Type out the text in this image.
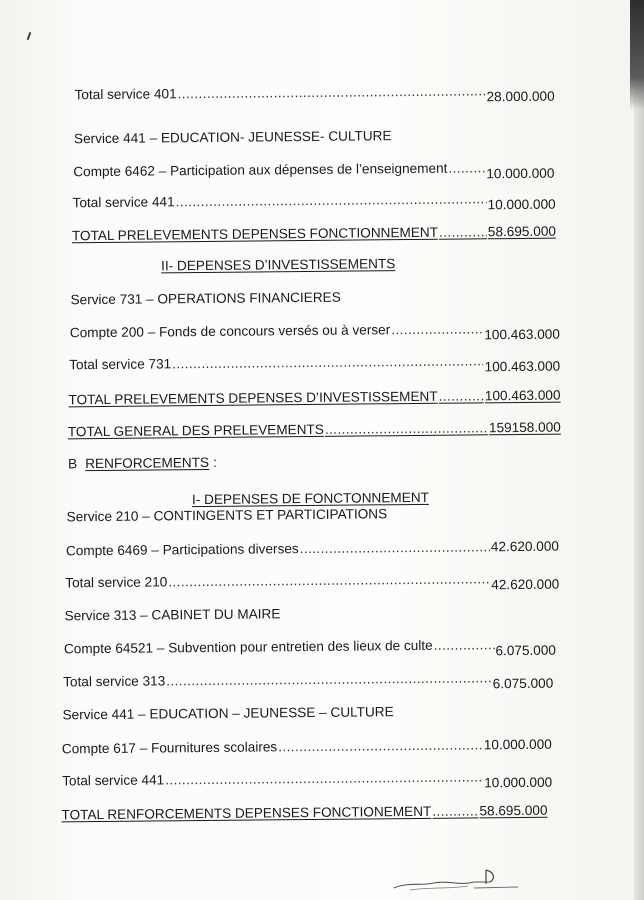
Total service 401 .....	28.000.000
Service 441 – EDUCATION- JEUNESSE- CULTURE
Compte 6462 – Participation aux dépenses de l’enseignement .....	10.000.000
Total service 441 .....	10.000.000
TOTAL PRELEVEMENTS DEPENSES FONCTIONNEMENT .....	58.695.000
II- DEPENSES D’INVESTISSEMENTS
Service 731 – OPERATIONS FINANCIERES
Compte 200 – Fonds de concours versés ou à verser .....	100.463.000
Total service 731 .....	100.463.000
TOTAL PRELEVEMENTS DEPENSES D’INVESTISSEMENT .....	100.463.000
TOTAL GENERAL DES PRELEVEMENTS .....	159158.000
B RENFORCEMENTS :
I- DEPENSES DE FONCTONNEMENT
Service 210 – CONTINGENTS ET PARTICIPATIONS
Compte 6469 – Participations diverses .....	42.620.000
Total service 210 .....	42.620.000
Service 313 – CABINET DU MAIRE
Compte 64521 – Subvention pour entretien des lieux de culte .....	6.075.000
Total service 313 .....	6.075.000
Service 441 – EDUCATION – JEUNESSE – CULTURE
Compte 617 – Fournitures scolaires .....	10.000.000
Total service 441 .....	10.000.000
TOTAL RENFORCEMENTS DEPENSES FONCTIONEMENT .....	58.695.000
